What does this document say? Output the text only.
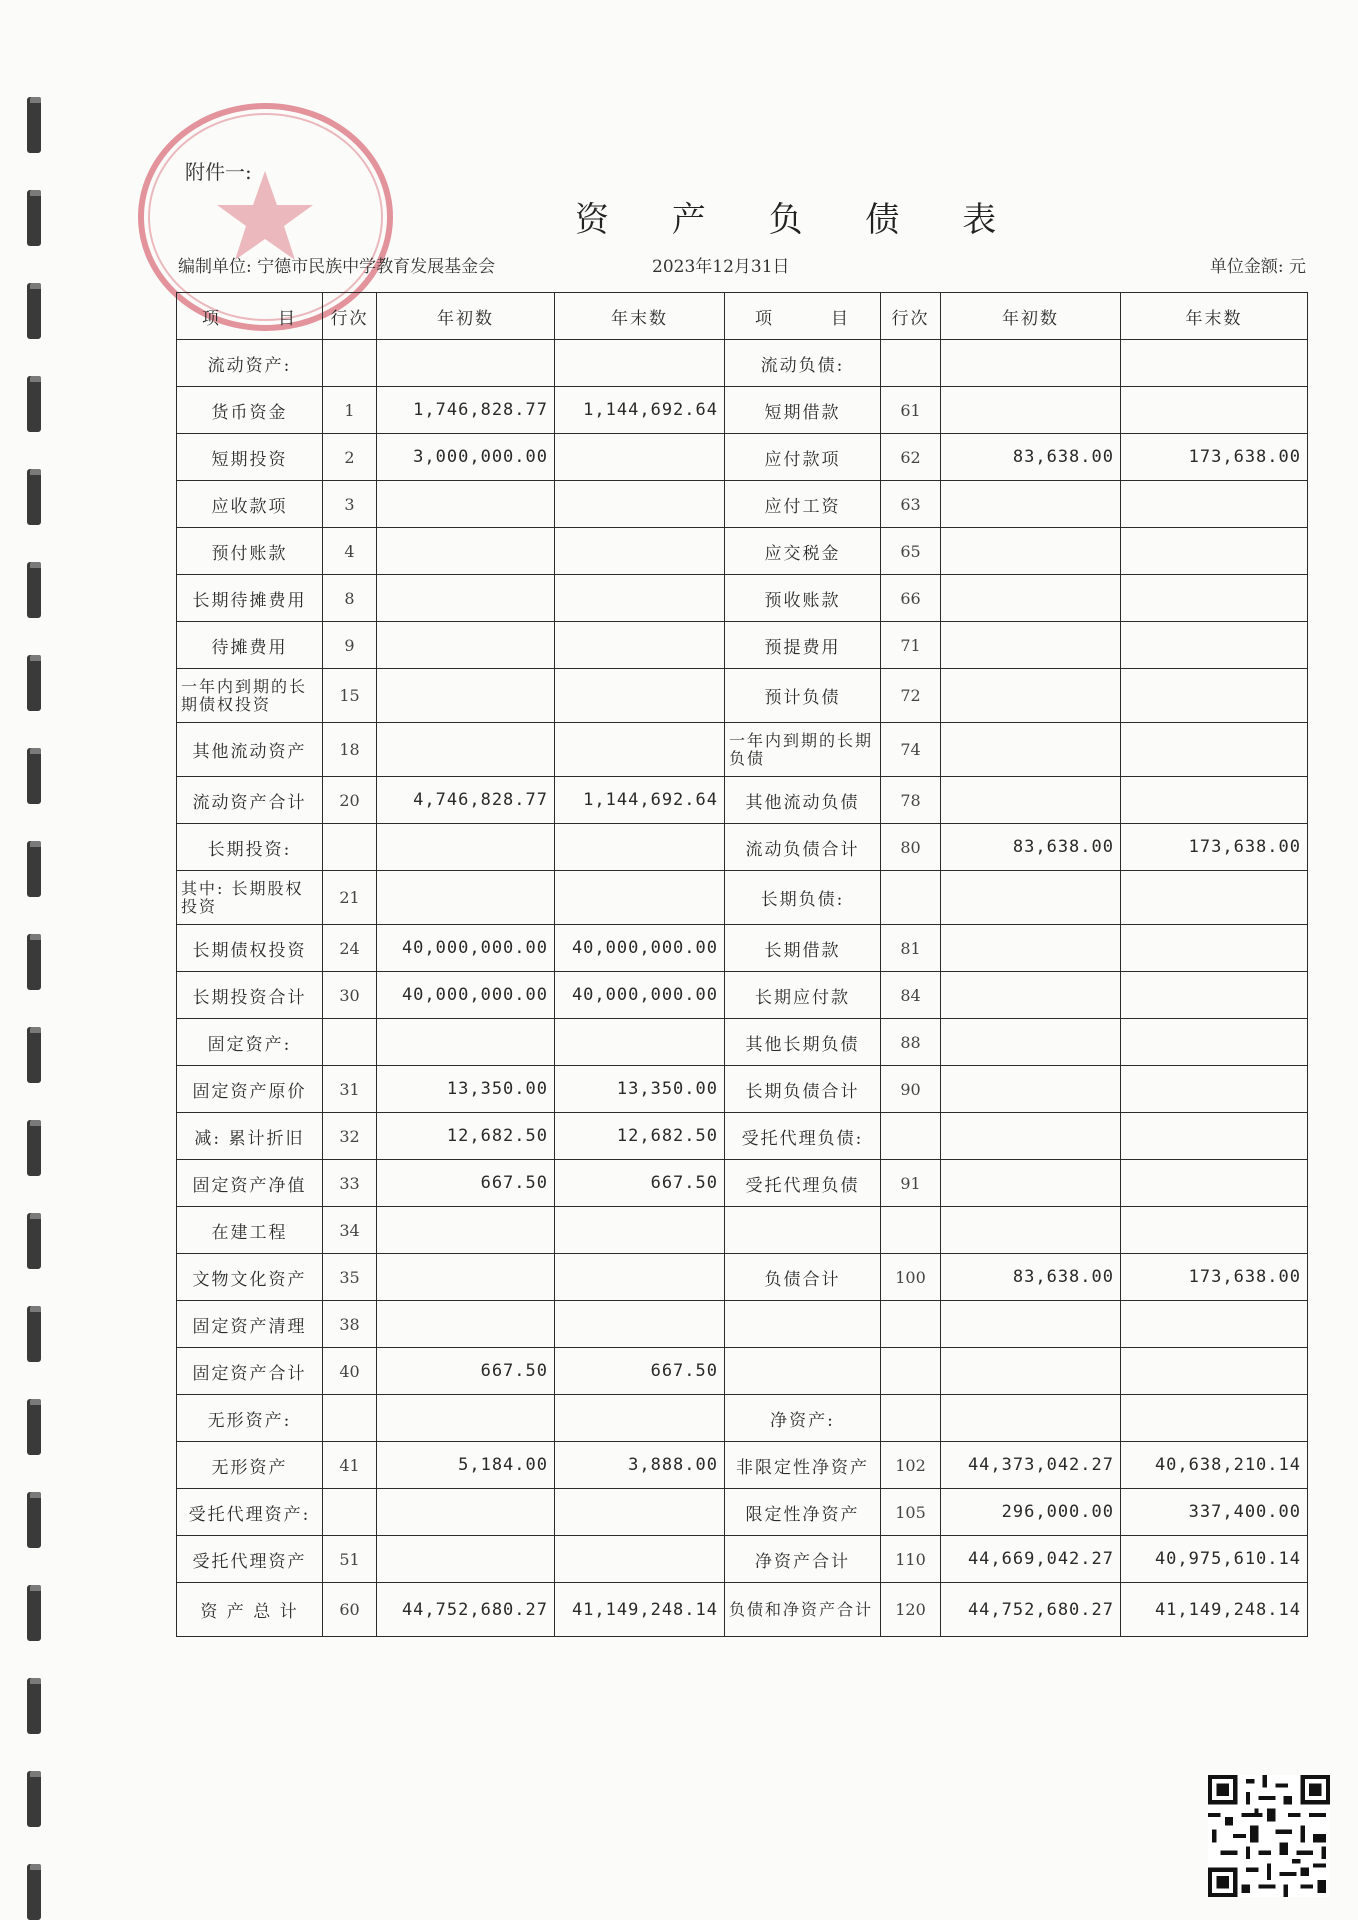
附件一:
资 产 负 债 表
编制单位: 宁德市民族中学教育发展基金会	2023年12月31日	单位金额: 元
项　　　目	行次	年初数	年末数	项　　　目	行次	年初数	年末数
流动资产:				流动负债:			
货币资金	1	1,746,828.77	1,144,692.64	短期借款	61		
短期投资	2	3,000,000.00		应付款项	62	83,638.00	173,638.00
应收款项	3			应付工资	63		
预付账款	4			应交税金	65		
长期待摊费用	8			预收账款	66		
待摊费用	9			预提费用	71		
一年内到期的长期债权投资	15			预计负债	72		
其他流动资产	18			一年内到期的长期负债	74		
流动资产合计	20	4,746,828.77	1,144,692.64	其他流动负债	78		
长期投资:				流动负债合计	80	83,638.00	173,638.00
其中: 长期股权投资	21			长期负债:			
长期债权投资	24	40,000,000.00	40,000,000.00	长期借款	81		
长期投资合计	30	40,000,000.00	40,000,000.00	长期应付款	84		
固定资产:				其他长期负债	88		
固定资产原价	31	13,350.00	13,350.00	长期负债合计	90		
减: 累计折旧	32	12,682.50	12,682.50	受托代理负债:			
固定资产净值	33	667.50	667.50	受托代理负债	91		
在建工程	34						
文物文化资产	35			负债合计	100	83,638.00	173,638.00
固定资产清理	38						
固定资产合计	40	667.50	667.50				
无形资产:				净资产:			
无形资产	41	5,184.00	3,888.00	非限定性净资产	102	44,373,042.27	40,638,210.14
受托代理资产:				限定性净资产	105	296,000.00	337,400.00
受托代理资产	51			净资产合计	110	44,669,042.27	40,975,610.14
资 产 总 计	60	44,752,680.27	41,149,248.14	负债和净资产合计	120	44,752,680.27	41,149,248.14
